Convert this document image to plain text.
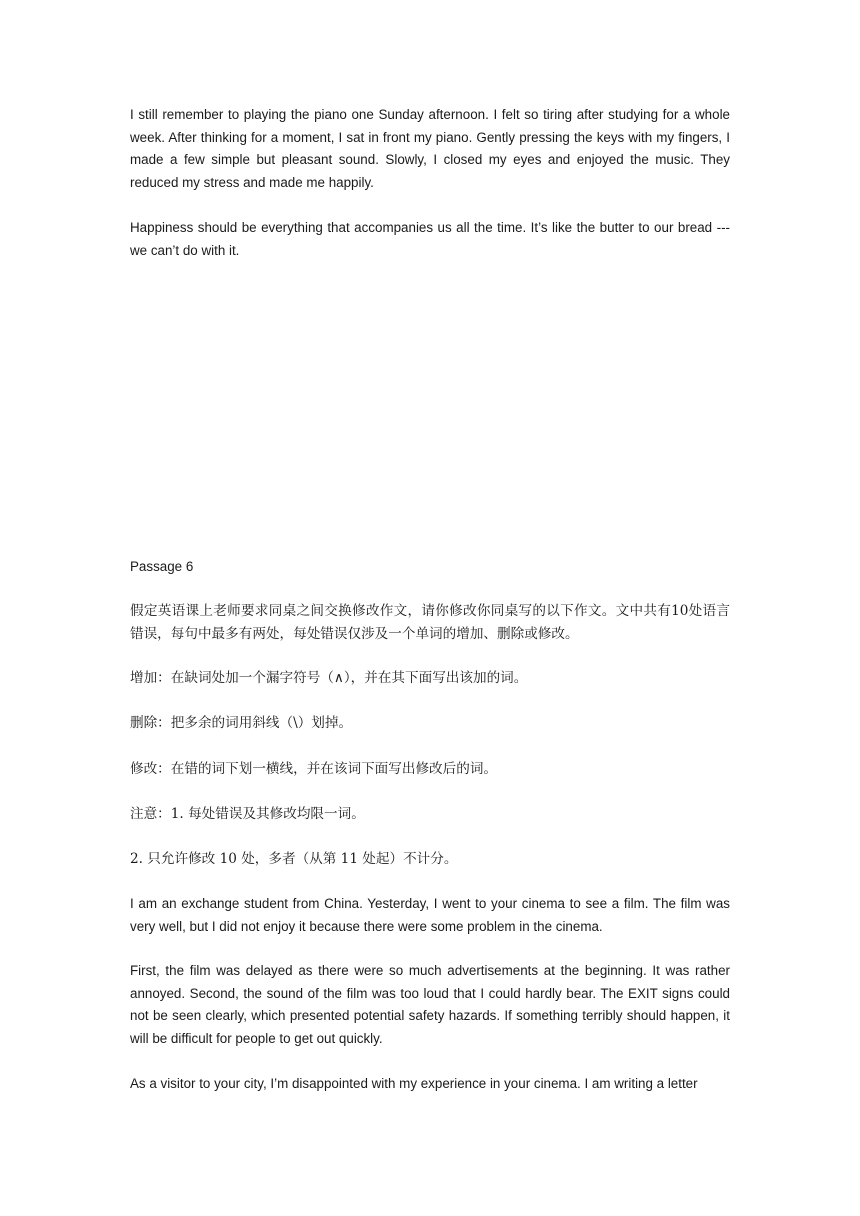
I still remember to playing the piano one Sunday afternoon. I felt so tiring after studying for a whole week. After thinking for a moment, I sat in front my piano. Gently pressing the keys with my fingers, I made a few simple but pleasant sound. Slowly, I closed my eyes and enjoyed the music. They reduced my stress and made me happily.

Happiness should be everything that accompanies us all the time. It’s like the butter to our bread --- we can’t do with it.

Passage 6

假定英语课上老师要求同桌之间交换修改作文，请你修改你同桌写的以下作文。文中共有10处语言错误，每句中最多有两处，每处错误仅涉及一个单词的增加、删除或修改。

增加：在缺词处加一个漏字符号（∧），并在其下面写出该加的词。

删除：把多余的词用斜线（\）划掉。

修改：在错的词下划一横线，并在该词下面写出修改后的词。

注意：1. 每处错误及其修改均限一词。

2. 只允许修改 10 处，多者（从第 11 处起）不计分。

I am an exchange student from China. Yesterday, I went to your cinema to see a film. The film was very well, but I did not enjoy it because there were some problem in the cinema.

First, the film was delayed as there were so much advertisements at the beginning. It was rather annoyed. Second, the sound of the film was too loud that I could hardly bear. The EXIT signs could not be seen clearly, which presented potential safety hazards. If something terribly should happen, it will be difficult for people to get out quickly.

As a visitor to your city, I’m disappointed with my experience in your cinema. I am writing a letter
